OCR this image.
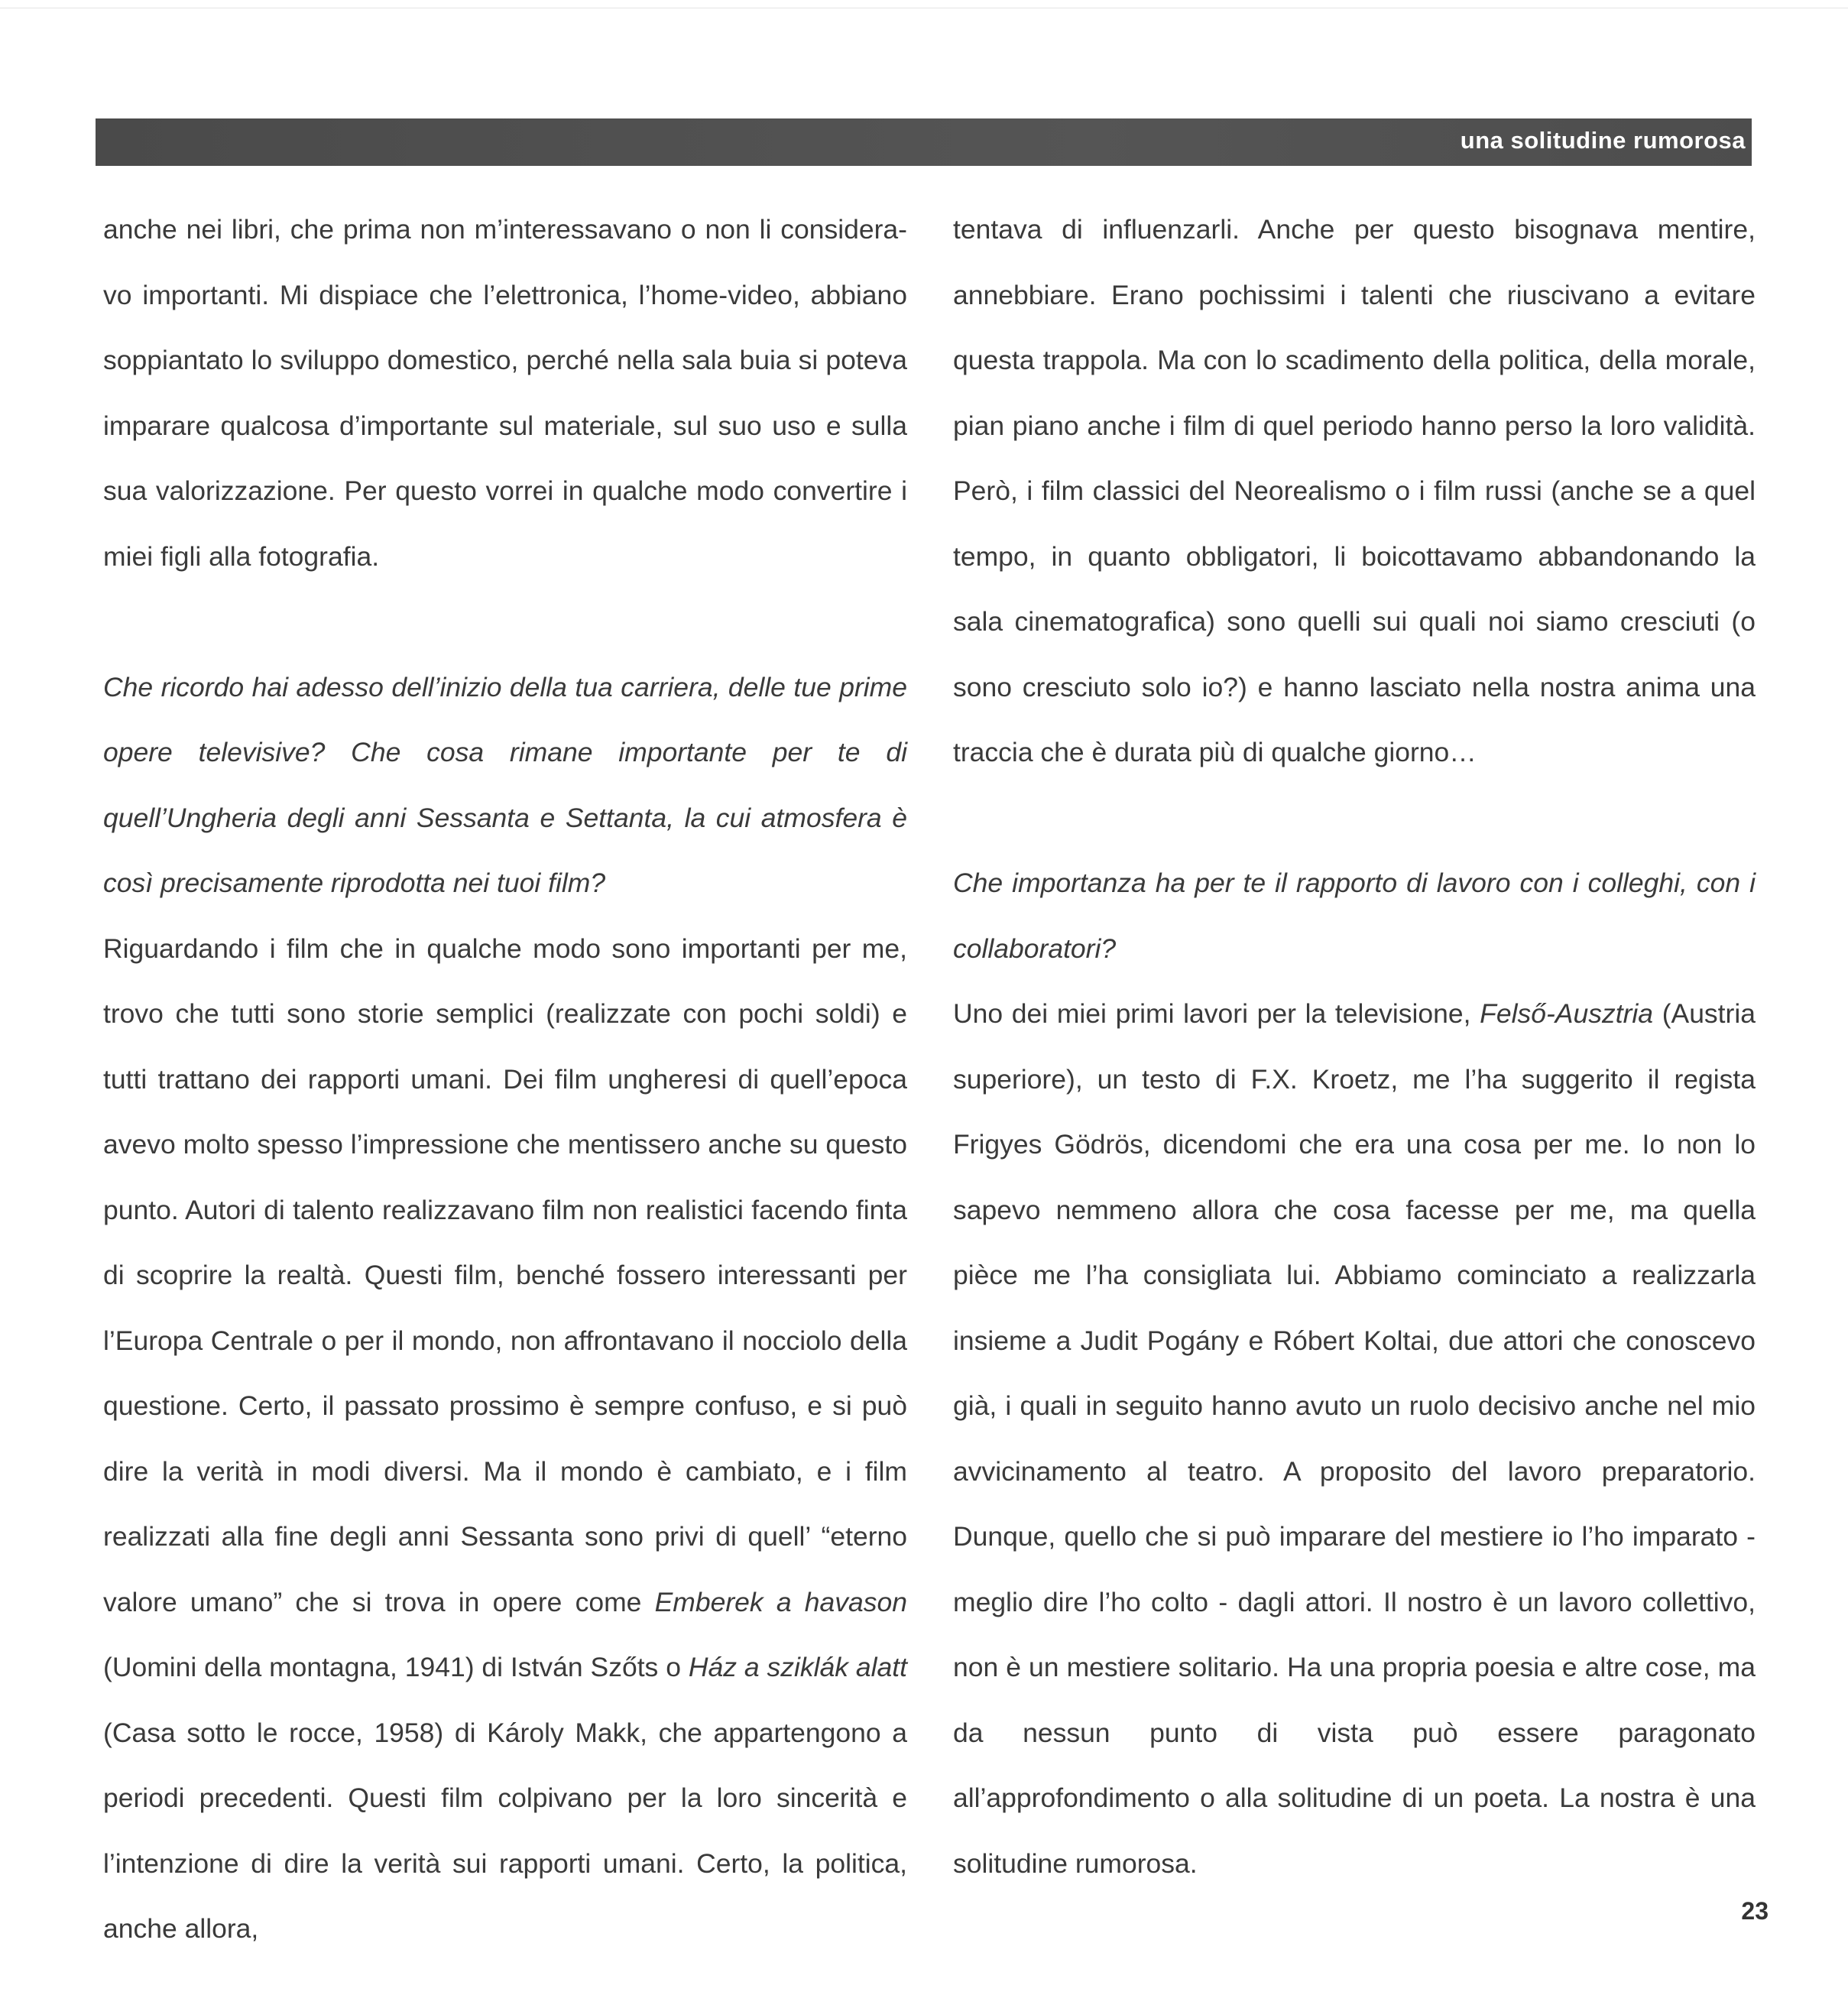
una solitudine rumorosa

anche nei libri, che prima non m’interessavano o non li consideravo importanti. Mi dispiace che l’elettronica, l’home-video, abbiano soppiantato lo sviluppo domestico, perché nella sala buia si poteva imparare qualcosa d’importante sul materiale, sul suo uso e sulla sua valorizzazione. Per questo vorrei in qualche modo convertire i miei figli alla fotografia.

Che ricordo hai adesso dell’inizio della tua carriera, delle tue prime opere televisive? Che cosa rimane importante per te di quell’Ungheria degli anni Sessanta e Settanta, la cui atmosfera è così precisamente riprodotta nei tuoi film?

Riguardando i film che in qualche modo sono importanti per me, trovo che tutti sono storie semplici (realizzate con pochi soldi) e tutti trattano dei rapporti umani. Dei film ungheresi di quell’epoca avevo molto spesso l’impressione che mentissero anche su questo punto. Autori di talento realizzavano film non realistici facendo finta di scoprire la realtà. Questi film, benché fossero interessanti per l’Europa Centrale o per il mondo, non affrontavano il nocciolo della questione. Certo, il passato prossimo è sempre confuso, e si può dire la verità in modi diversi. Ma il mondo è cambiato, e i film realizzati alla fine degli anni Sessanta sono privi di quell’ “eterno valore umano” che si trova in opere come Emberek a havason (Uomini della montagna, 1941) di István Szőts o Ház a sziklák alatt (Casa sotto le rocce, 1958) di Károly Makk, che appartengono a periodi precedenti. Questi film colpivano per la loro sincerità e l’intenzione di dire la verità sui rapporti umani. Certo, la politica, anche allora,

tentava di influenzarli. Anche per questo bisognava mentire, annebbiare. Erano pochissimi i talenti che riuscivano a evitare questa trappola. Ma con lo scadimento della politica, della morale, pian piano anche i film di quel periodo hanno perso la loro validità. Però, i film classici del Neorealismo o i film russi (anche se a quel tempo, in quanto obbligatori, li boicottavamo abbandonando la sala cinematografica) sono quelli sui quali noi siamo cresciuti (o sono cresciuto solo io?) e hanno lasciato nella nostra anima una traccia che è durata più di qualche giorno…

Che importanza ha per te il rapporto di lavoro con i colleghi, con i collaboratori?

Uno dei miei primi lavori per la televisione, Felső-Ausztria (Austria superiore), un testo di F.X. Kroetz, me l’ha suggerito il regista Frigyes Gödrös, dicendomi che era una cosa per me. Io non lo sapevo nemmeno allora che cosa facesse per me, ma quella pièce me l’ha consigliata lui. Abbiamo cominciato a realizzarla insieme a Judit Pogány e Róbert Koltai, due attori che conoscevo già, i quali in seguito hanno avuto un ruolo decisivo anche nel mio avvicinamento al teatro. A proposito del lavoro preparatorio. Dunque, quello che si può imparare del mestiere io l’ho imparato - meglio dire l’ho colto - dagli attori. Il nostro è un lavoro collettivo, non è un mestiere solitario. Ha una propria poesia e altre cose, ma da nessun punto di vista può essere paragonato all’approfondimento o alla solitudine di un poeta. La nostra è una solitudine rumorosa.

23
